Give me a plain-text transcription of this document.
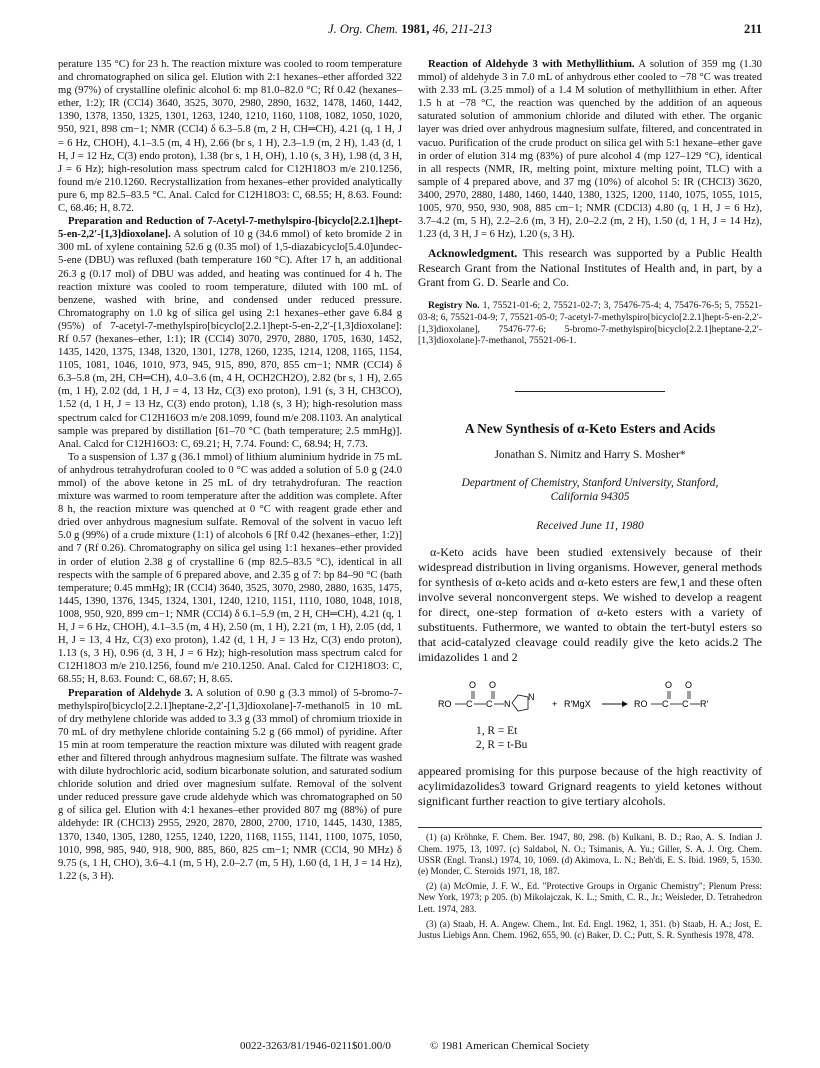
J. Org. Chem. 1981, 46, 211-213	211

perature 135 °C) for 23 h. The reaction mixture was cooled to room temperature and chromatographed on silica gel. Elution with 2:1 hexanes–ether afforded 322 mg (97%) of crystalline olefinic alcohol 6: mp 81.0–82.0 °C; Rf 0.42 (hexanes–ether, 1:2); IR (CCl4) 3640, 3525, 3070, 2980, 2890, 1632, 1478, 1460, 1442, 1390, 1378, 1350, 1325, 1301, 1263, 1240, 1210, 1160, 1108, 1082, 1050, 1020, 950, 921, 898 cm−1; NMR (CCl4) δ 6.3–5.8 (m, 2 H, CH═CH), 4.21 (q, 1 H, J = 6 Hz, CHOH), 4.1–3.5 (m, 4 H), 2.66 (br s, 1 H), 2.3–1.9 (m, 2 H), 1.43 (d, 1 H, J = 12 Hz, C(3) endo proton), 1.38 (br s, 1 H, OH), 1.10 (s, 3 H), 1.98 (d, 3 H, J = 6 Hz); high-resolution mass spectrum calcd for C12H18O3 m/e 210.1256, found m/e 210.1260. Recrystallization from hexanes–ether provided analytically pure 6, mp 82.5–83.5 °C. Anal. Calcd for C12H18O3: C, 68.55; H, 8.63. Found: C, 68.46; H, 8.72.

Preparation and Reduction of 7-Acetyl-7-methylspiro-[bicyclo[2.2.1]hept-5-en-2,2′-[1,3]dioxolane]. A solution of 10 g (34.6 mmol) of keto bromide 2 in 300 mL of xylene containing 52.6 g (0.35 mol) of 1,5-diazabicyclo[5.4.0]undec-5-ene (DBU) was refluxed (bath temperature 160 °C). After 17 h, an additional 26.3 g (0.17 mol) of DBU was added, and heating was continued for 4 h. The reaction mixture was cooled to room temperature, diluted with 100 mL of benzene, washed with brine, and condensed under reduced pressure. Chromatography on 1.0 kg of silica gel using 2:1 hexanes–ether gave 6.84 g (95%) of 7-acetyl-7-methylspiro[bicyclo[2.2.1]hept-5-en-2,2′-[1,3]dioxolane]: Rf 0.57 (hexanes–ether, 1:1); IR (CCl4) 3070, 2970, 2880, 1705, 1630, 1452, 1435, 1420, 1375, 1348, 1320, 1301, 1278, 1260, 1235, 1214, 1208, 1165, 1154, 1105, 1081, 1046, 1010, 973, 945, 915, 890, 870, 855 cm−1; NMR (CCl4) δ 6.3–5.8 (m, 2H, CH═CH), 4.0–3.6 (m, 4 H, OCH2CH2O), 2.82 (br s, 1 H), 2.65 (m, 1 H), 2.02 (dd, 1 H, J = 4, 13 Hz, C(3) exo proton), 1.91 (s, 3 H, CH3CO), 1.52 (d, 1 H, J = 13 Hz, C(3) endo proton), 1.18 (s, 3 H); high-resolution mass spectrum calcd for C12H16O3 m/e 208.1099, found m/e 208.1103. An analytical sample was prepared by distillation [61–70 °C (bath temperature; 2.5 mmHg)]. Anal. Calcd for C12H16O3: C, 69.21; H, 7.74. Found: C, 68.94; H, 7.73.

To a suspension of 1.37 g (36.1 mmol) of lithium aluminium hydride in 75 mL of anhydrous tetrahydrofuran cooled to 0 °C was added a solution of 5.0 g (24.0 mmol) of the above ketone in 25 mL of dry tetrahydrofuran. The reaction mixture was warmed to room temperature after the addition was complete. After 8 h, the reaction mixture was quenched at 0 °C with reagent grade ether and dried over anhydrous magnesium sulfate. Removal of the solvent in vacuo left 5.0 g (99%) of a crude mixture (1:1) of alcohols 6 [Rf 0.42 (hexanes–ether, 1:2)] and 7 (Rf 0.26). Chromatography on silica gel using 1:1 hexanes–ether provided in order of elution 2.38 g of crystalline 6 (mp 82.5–83.5 °C), identical in all respects with the sample of 6 prepared above, and 2.35 g of 7: bp 84–90 °C (bath temperature; 0.45 mmHg); IR (CCl4) 3640, 3525, 3070, 2980, 2880, 1635, 1475, 1445, 1390, 1376, 1345, 1324, 1301, 1240, 1210, 1151, 1110, 1080, 1048, 1018, 1008, 950, 920, 899 cm−1; NMR (CCl4) δ 6.1–5.9 (m, 2 H, CH═CH), 4.21 (q, 1 H, J = 6 Hz, CHOH), 4.1–3.5 (m, 4 H), 2.50 (m, 1 H), 2.21 (m, 1 H), 2.05 (dd, 1 H, J = 13, 4 Hz, C(3) exo proton), 1.42 (d, 1 H, J = 13 Hz, C(3) endo proton), 1.13 (s, 3 H), 0.96 (d, 3 H, J = 6 Hz); high-resolution mass spectrum calcd for C12H18O3 m/e 210.1256, found m/e 210.1250. Anal. Calcd for C12H18O3: C, 68.55; H, 8.63. Found: C, 68.67; H, 8.65.

Preparation of Aldehyde 3. A solution of 0.90 g (3.3 mmol) of 5-bromo-7-methylspiro[bicyclo[2.2.1]heptane-2,2′-[1,3]dioxolane]-7-methanol5 in 10 mL of dry methylene chloride was added to 3.3 g (33 mmol) of chromium trioxide in 70 mL of dry methylene chloride containing 5.2 g (66 mmol) of pyridine. After 15 min at room temperature the reaction mixture was diluted with reagent grade ether and filtered through anhydrous magnesium sulfate. The filtrate was washed with dilute hydrochloric acid, sodium bicarbonate solution, and saturated sodium chloride solution and dried over magnesium sulfate. Removal of the solvent under reduced pressure gave crude aldehyde which was chromatographed on 50 g of silica gel. Elution with 4:1 hexanes–ether provided 807 mg (88%) of pure aldehyde: IR (CHCl3) 2955, 2920, 2870, 2800, 2700, 1710, 1445, 1430, 1385, 1370, 1340, 1305, 1280, 1255, 1240, 1220, 1168, 1155, 1141, 1100, 1075, 1050, 1010, 998, 985, 940, 918, 900, 885, 860, 825 cm−1; NMR (CCl4, 90 MHz) δ 9.75 (s, 1 H, CHO), 3.6–4.1 (m, 5 H), 2.0–2.7 (m, 5 H), 1.60 (d, 1 H, J = 14 Hz), 1.22 (s, 3 H).

Reaction of Aldehyde 3 with Methyllithium. A solution of 359 mg (1.30 mmol) of aldehyde 3 in 7.0 mL of anhydrous ether cooled to −78 °C was treated with 2.33 mL (3.25 mmol) of a 1.4 M solution of methyllithium in ether. After 1.5 h at −78 °C, the reaction was quenched by the addition of an aqueous saturated solution of ammonium chloride and diluted with ether. The organic layer was dried over anhydrous magnesium sulfate, filtered, and concentrated in vacuo. Purification of the crude product on silica gel with 5:1 hexane–ether gave in order of elution 314 mg (83%) of pure alcohol 4 (mp 127–129 °C), identical in all respects (NMR, IR, melting point, mixture melting point, TLC) with a sample of 4 prepared above, and 37 mg (10%) of alcohol 5: IR (CHCl3) 3620, 3400, 2970, 2880, 1480, 1460, 1440, 1380, 1325, 1200, 1140, 1075, 1055, 1015, 1005, 970, 950, 930, 908, 885 cm−1; NMR (CDCl3) 4.80 (q, 1 H, J = 6 Hz), 3.7–4.2 (m, 5 H), 2.2–2.6 (m, 3 H), 2.0–2.2 (m, 2 H), 1.50 (d, 1 H, J = 14 Hz), 1.23 (d, 3 H, J = 6 Hz), 1.20 (s, 3 H).

Acknowledgment. This research was supported by a Public Health Research Grant from the National Institutes of Health and, in part, by a Grant from G. D. Searle and Co.

Registry No. 1, 75521-01-6; 2, 75521-02-7; 3, 75476-75-4; 4, 75476-76-5; 5, 75521-03-8; 6, 75521-04-9; 7, 75521-05-0; 7-acetyl-7-methylspiro[bicyclo[2.2.1]hept-5-en-2,2′-[1,3]dioxolane], 75476-77-6; 5-bromo-7-methylspiro[bicyclo[2.2.1]heptane-2,2′-[1,3]dioxolane]-7-methanol, 75521-06-1.

A New Synthesis of α-Keto Esters and Acids
Jonathan S. Nimitz and Harry S. Mosher*
Department of Chemistry, Stanford University, Stanford,
California 94305
Received June 11, 1980

α-Keto acids have been studied extensively because of their widespread distribution in living organisms. However, general methods for synthesis of α-keto acids and α-keto esters are few,1 and these often involve several nonconvergent steps. We wished to develop a reagent for direct, one-step formation of α-keto esters with a variety of substituents. Futhermore, we wanted to obtain the tert-butyl esters so that acid-catalyzed cleavage could readily give the keto acids.2 The imidazolides 1 and 2

RO C
O
C
O
N
N
+ R′MgX	RO C
O
C
O
R′
1, R = Et
2, R = t-Bu

appeared promising for this purpose because of the high reactivity of acylimidazolides3 toward Grignard reagents to yield ketones without significant further reaction to give tertiary alcohols.

(1) (a) Kröhnke, F. Chem. Ber. 1947, 80, 298. (b) Kulkani, B. D.; Rao, A. S. Indian J. Chem. 1975, 13, 1097. (c) Saldabol, N. O.; Tsimanis, A. Yu.; Giller, S. A. J. Org. Chem. USSR (Engl. Transl.) 1974, 10, 1069. (d) Akimova, L. N.; Beh'di, E. S. Ibid. 1969, 5, 1530. (e) Monder, C. Steroids 1971, 18, 187.
(2) (a) McOmie, J. F. W., Ed. "Protective Groups in Organic Chemistry"; Plenum Press: New York, 1973; p 205. (b) Mikolajczak, K. L.; Smith, C. R., Jr.; Weisleder, D. Tetrahedron Lett. 1974, 283.
(3) (a) Staab, H. A. Angew. Chem., Int. Ed. Engl. 1962, 1, 351. (b) Staab, H. A.; Jost, E. Justus Liebigs Ann. Chem. 1962, 655, 90. (c) Baker, D. C.; Putt, S. R. Synthesis 1978, 478.
0022-3263/81/1946-0211$01.00/0	© 1981 American Chemical Society
